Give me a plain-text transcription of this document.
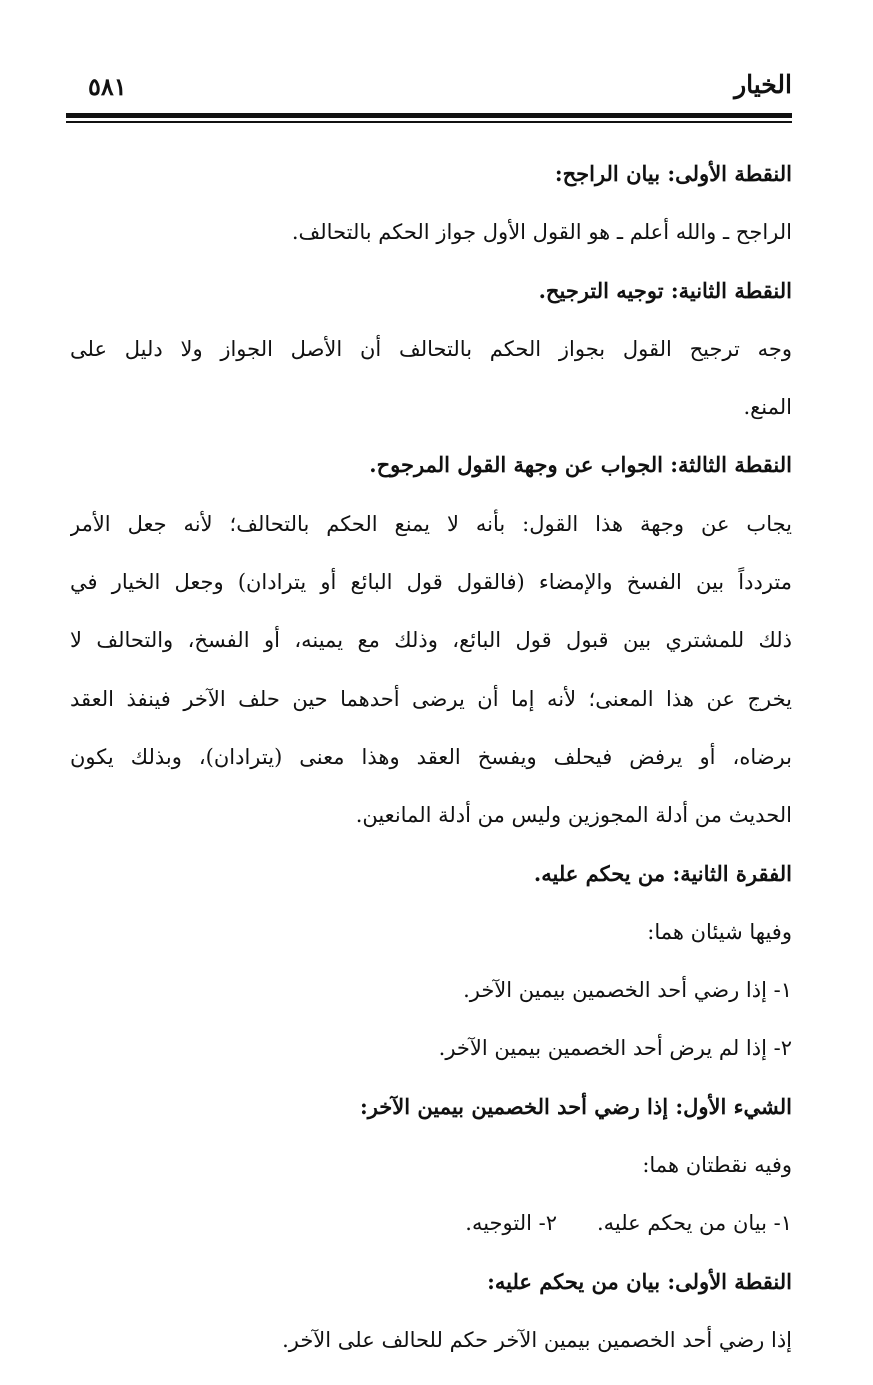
الخيار
٥٨١
النقطة الأولى: بيان الراجح:
الراجح ـ والله أعلم ـ هو القول الأول جواز الحكم بالتحالف.
النقطة الثانية: توجيه الترجيح.
وجه ترجيح القول بجواز الحكم بالتحالف أن الأصل الجواز ولا دليل على
المنع.
النقطة الثالثة: الجواب عن وجهة القول المرجوح.
يجاب عن وجهة هذا القول: بأنه لا يمنع الحكم بالتحالف؛ لأنه جعل الأمر
متردداً بين الفسخ والإمضاء (فالقول قول البائع أو يترادان) وجعل الخيار في
ذلك للمشتري بين قبول قول البائع، وذلك مع يمينه، أو الفسخ، والتحالف لا
يخرج عن هذا المعنى؛ لأنه إما أن يرضى أحدهما حين حلف الآخر فينفذ العقد
برضاه، أو يرفض فيحلف ويفسخ العقد وهذا معنى (يترادان)، وبذلك يكون
الحديث من أدلة المجوزين وليس من أدلة المانعين.
الفقرة الثانية: من يحكم عليه.
وفيها شيئان هما:
١- إذا رضي أحد الخصمين بيمين الآخر.
٢- إذا لم يرض أحد الخصمين بيمين الآخر.
الشيء الأول: إذا رضي أحد الخصمين بيمين الآخر:
وفيه نقطتان هما:
١- بيان من يحكم عليه.
٢- التوجيه.
النقطة الأولى: بيان من يحكم عليه:
إذا رضي أحد الخصمين بيمين الآخر حكم للحالف على الآخر.
